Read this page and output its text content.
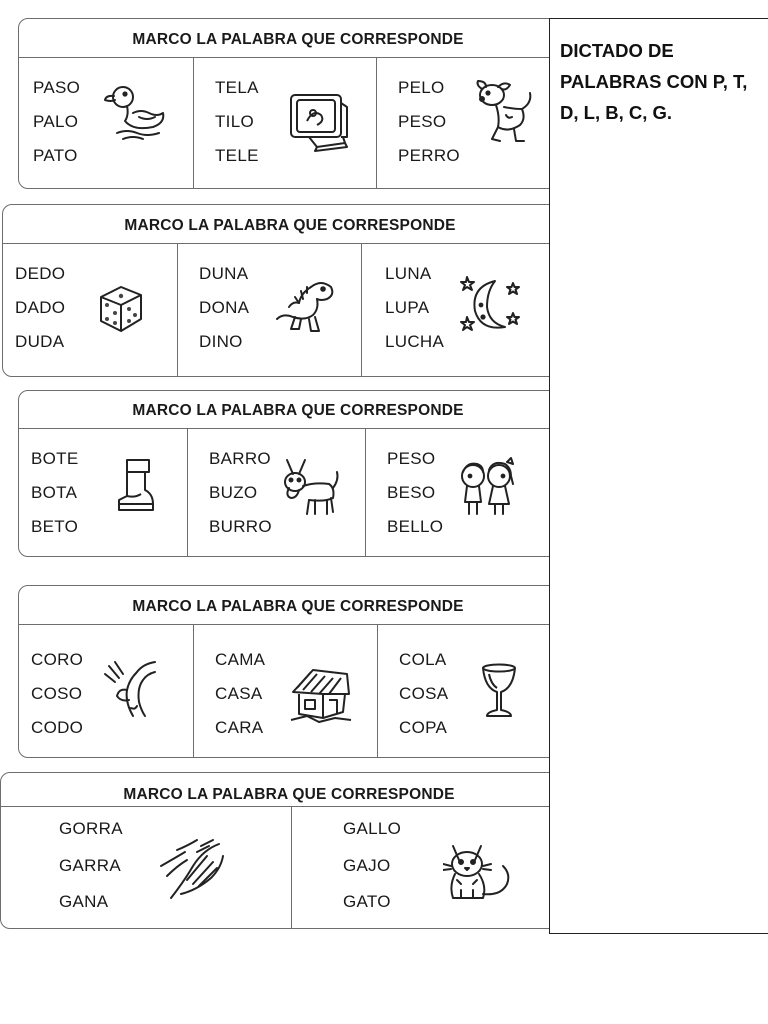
MARCO LA PALABRA QUE CORRESPONDE
PASO
PALO
PATO
TELA
TILO
TELE
PELO
PESO
PERRO
MARCO LA PALABRA QUE CORRESPONDE
DEDO
DADO
DUDA
DUNA
DONA
DINO
LUNA
LUPA
LUCHA
MARCO LA PALABRA QUE CORRESPONDE
BOTE
BOTA
BETO
BARRO
BUZO
BURRO
PESO
BESO
BELLO
MARCO LA PALABRA QUE CORRESPONDE
CORO
COSO
CODO
CAMA
CASA
CARA
COLA
COSA
COPA
MARCO LA PALABRA QUE CORRESPONDE
GORRA
GARRA
GANA
GALLO
GAJO
GATO
DICTADO DE PALABRAS CON P, T, D, L, B, C, G.
